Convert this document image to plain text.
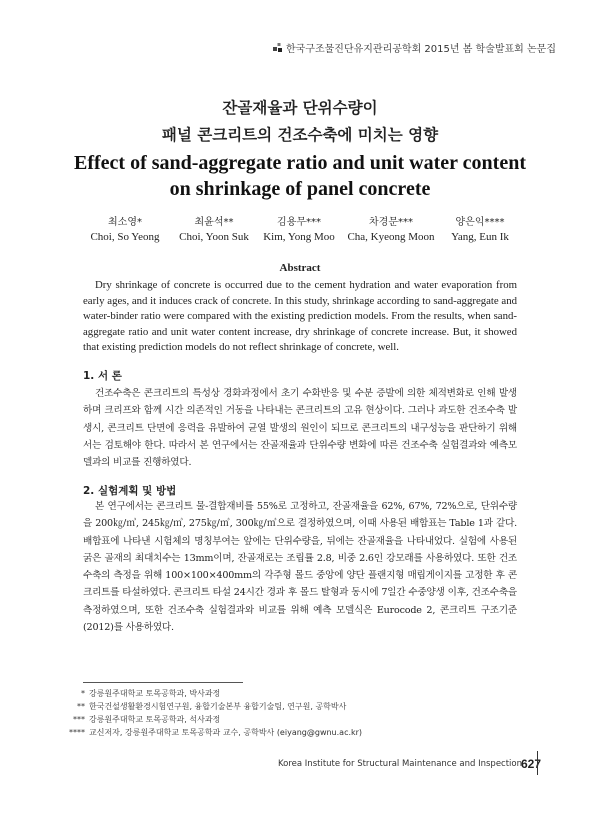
한국구조물진단유지관리공학회 2015년 봄 학술발표회 논문집
잔골재율과 단위수량이
패널 콘크리트의 건조수축에 미치는 영향
Effect of sand-aggregate ratio and unit water content
on shrinkage of panel concrete
최소영*
Choi, So Yeong
최윤석**
Choi, Yoon Suk
김용무***
Kim, Yong Moo
차경문***
Cha, Kyeong Moon
양은익****
Yang, Eun Ik
Abstract
Dry shrinkage of concrete is occurred due to the cement hydration and water evaporation from early ages, and it induces crack of concrete. In this study, shrinkage according to sand-aggregate and water-binder ratio were compared with the existing prediction models. From the results, when sand-aggregate ratio and unit water content increase, dry shrinkage of concrete increase. But, it showed that existing prediction models do not reflect shrinkage of concrete, well.
1. 서 론
건조수축은 콘크리트의 특성상 경화과정에서 초기 수화반응 및 수분 증발에 의한 체적변화로 인해 발생하며 크리프와 함께 시간 의존적인 거동을 나타내는 콘크리트의 고유 현상이다. 그러나 과도한 건조수축 발생시, 콘크리트 단면에 응력을 유발하여 균열 발생의 원인이 되므로 콘크리트의 내구성능을 판단하기 위해서는 검토해야 한다. 따라서 본 연구에서는 잔골재율과 단위수량 변화에 따른 건조수축 실험결과와 예측모델과의 비교를 진행하였다.
2. 실험계획 및 방법
본 연구에서는 콘크리트 물-결합재비를 55%로 고정하고, 잔골재율을 62%, 67%, 72%으로, 단위수량을 200㎏/㎥, 245㎏/㎥, 275㎏/㎥, 300㎏/㎥으로 결정하였으며, 이때 사용된 배합표는 Table 1과 같다. 배합표에 나타낸 시험체의 명칭부여는 앞에는 단위수량을, 뒤에는 잔골재율을 나타내었다. 실험에 사용된 굵은 골재의 최대치수는 13mm이며, 잔골재로는 조립률 2.8, 비중 2.6인 강모래를 사용하였다. 또한 건조수축의 측정을 위해 100×100×400mm의 각주형 몰드 중앙에 양단 플랜지형 매립게이지를 고정한 후 콘크리트를 타설하였다. 콘크리트 타설 24시간 경과 후 몰드 탈형과 동시에 7일간 수중양생 이후, 건조수축을 측정하였으며, 또한 건조수축 실험결과와 비교를 위해 예측 모델식은 Eurocode 2, 콘크리트 구조기준(2012)를 사용하였다.
* 강릉원주대학교 토목공학과, 박사과정
** 한국건설생활환경시험연구원, 융합기술본부 융합기술팀, 연구원, 공학박사
*** 강릉원주대학교 토목공학과, 석사과정
**** 교신저자, 강릉원주대학교 토목공학과 교수, 공학박사 (eiyang@gwnu.ac.kr)
Korea Institute for Structural Maintenance and Inspection 627
